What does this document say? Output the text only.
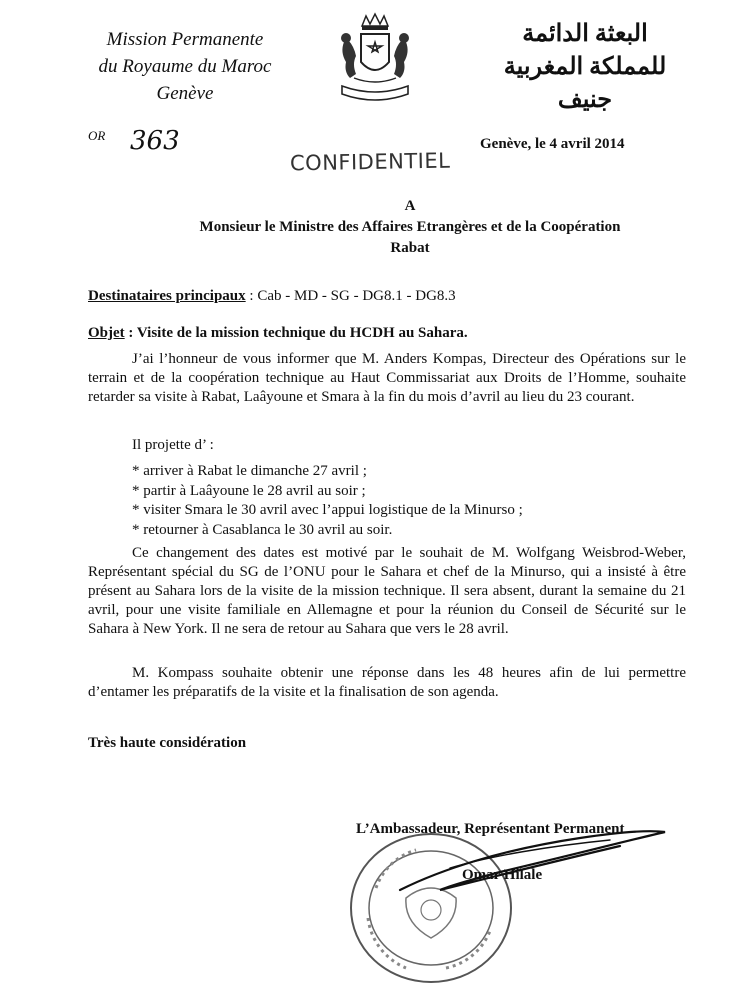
Mission Permanente
du Royaume du Maroc
Genève
البعثة الدائمة
للمملكة المغربية
جنيف
OR 363	Genève, le 4 avril 2014
CONFIDENTIEL
A
Monsieur le Ministre des Affaires Etrangères et de la Coopération
Rabat
Destinataires principaux : Cab - MD - SG - DG8.1 - DG8.3
Objet : Visite de la mission technique du HCDH au Sahara.
J’ai l’honneur de vous informer que M. Anders Kompas, Directeur des Opérations sur le terrain et de la coopération technique au Haut Commissariat aux Droits de l’Homme, souhaite retarder sa visite à Rabat, Laâyoune et Smara à la fin du mois d’avril au lieu du 23 courant.
Il projette d’ :
* arriver à Rabat le dimanche 27 avril ;
* partir à Laâyoune le 28 avril au soir ;
* visiter Smara le 30 avril avec l’appui logistique de la Minurso ;
* retourner à Casablanca le 30 avril au soir.
Ce changement des dates est motivé par le souhait de M. Wolfgang Weisbrod-Weber, Représentant spécial du SG de l’ONU pour le Sahara et chef de la Minurso, qui a insisté à être présent au Sahara lors de la visite de la mission technique. Il sera absent, durant la semaine du 21 avril, pour une visite familiale en Allemagne et pour la réunion du Conseil de Sécurité sur le Sahara à New York. Il ne sera de retour au Sahara que vers le 28 avril.
M. Kompass souhaite obtenir une réponse dans les 48 heures afin de lui permettre d’entamer les préparatifs de la visite et la finalisation de son agenda.
Très haute considération
L’Ambassadeur, Représentant Permanent
Omar Hilale
